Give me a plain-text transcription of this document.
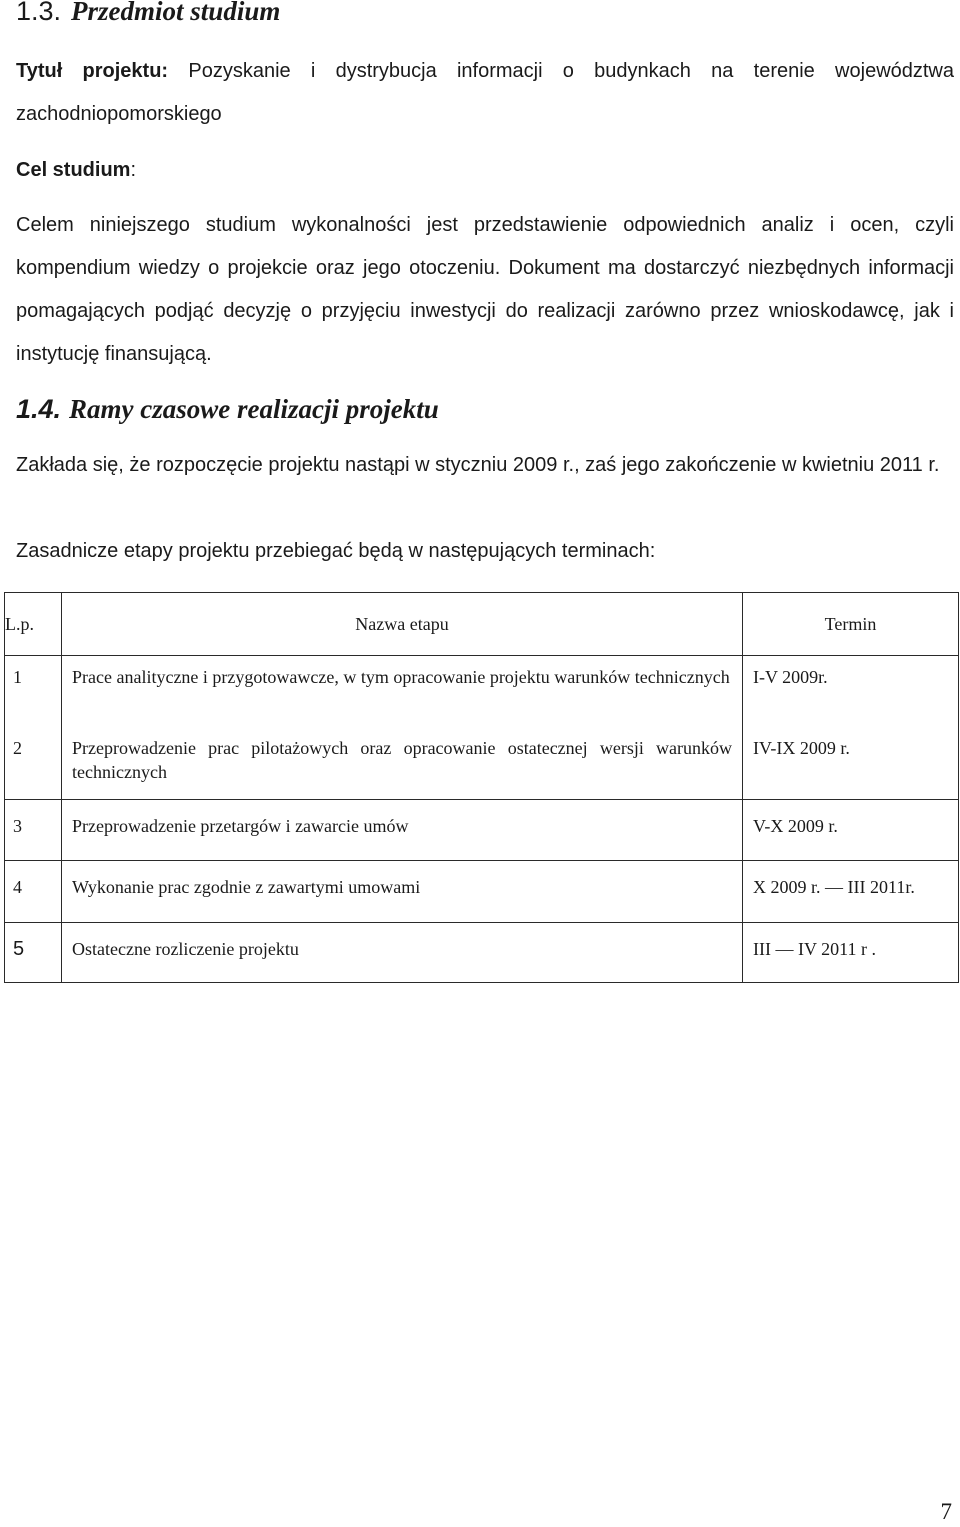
1.3. Przedmiot studium
Tytuł projektu: Pozyskanie i dystrybucja informacji o budynkach na terenie województwa zachodniopomorskiego
Cel studium:
Celem niniejszego studium wykonalności jest przedstawienie odpowiednich analiz i ocen, czyli kompendium wiedzy o projekcie oraz jego otoczeniu. Dokument ma dostarczyć niezbędnych informacji pomagających podjąć decyzję o przyjęciu inwestycji do realizacji zarówno przez wnioskodawcę, jak i instytucję finansującą.
1.4. Ramy czasowe realizacji projektu
Zakłada się, że rozpoczęcie projektu nastąpi w styczniu 2009 r., zaś jego zakończenie w kwietniu 2011 r.
Zasadnicze etapy projektu przebiegać będą w następujących terminach:
L.p.	Nazwa etapu	Termin

1	Prace analityczne i przygotowawcze, w tym opracowanie projektu warunków technicznych	I-V 2009r.

2	Przeprowadzenie prac pilotażowych oraz opracowanie ostatecznej wersji warunków technicznych	IV-IX 2009 r.

3	Przeprowadzenie przetargów i zawarcie umów	V-X 2009 r.

4	Wykonanie prac zgodnie z zawartymi umowami	X 2009 r. — III 2011r.

5	Ostateczne rozliczenie projektu	III — IV 2011 r .
7
